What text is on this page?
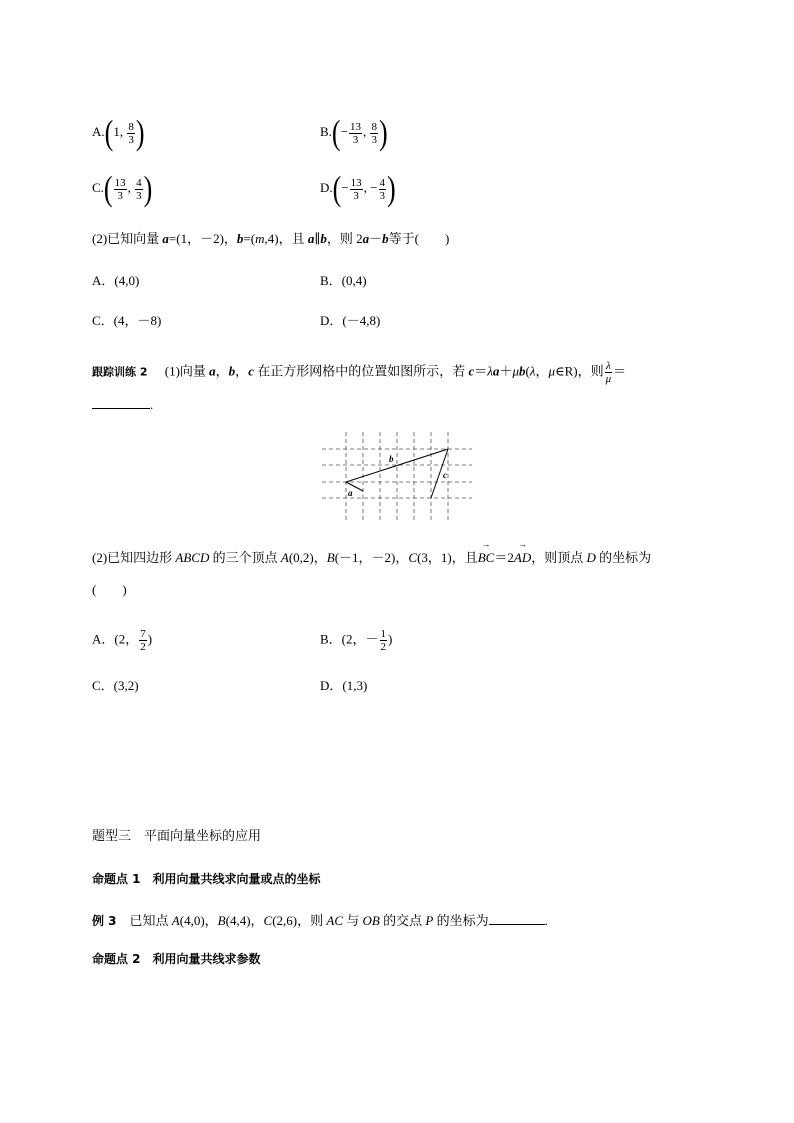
A.(1, $\frac{8}{3}$ )	$B.(- \frac{13}{3}$ , $\frac{8}{3}$ )
$C.( \frac{13}{3}$ , $\frac{4}{3}$ )	$D.(- \frac{13}{3}$ , − $\frac{4}{3}$ )
(2)已知向量 a=(1，－2)，b=(m,4)，且 a∥b，则 2a－b等于(　　)
A．(4,0)	B．(0,4)
C．(4，－8)	D．(－4,8)
跟踪训练 2 (1)向量 a，b，c 在正方形网格中的位置如图所示，若 c＝λa＋μb(λ，μ∈R)，则 $\frac{\lambda}{\mu}$ ＝
.
b
a
c
(2)已知四边形 ABCD 的三个顶点 A(0,2)，B(－1，－2)，C(3，1)，且→ BC＝2→ AD，则顶点 D 的坐标为
(　　)
A．(2， $\frac{7}{2}$ )	B．(2，－ $\frac{1}{2}$ )
C．(3,2)	D．(1,3)
题型三　平面向量坐标的应用
命题点 1　利用向量共线求向量或点的坐标
例 3　已知点 A(4,0)，B(4,4)，C(2,6)，则 AC 与 OB 的交点 P 的坐标为	.
命题点 2　利用向量共线求参数
